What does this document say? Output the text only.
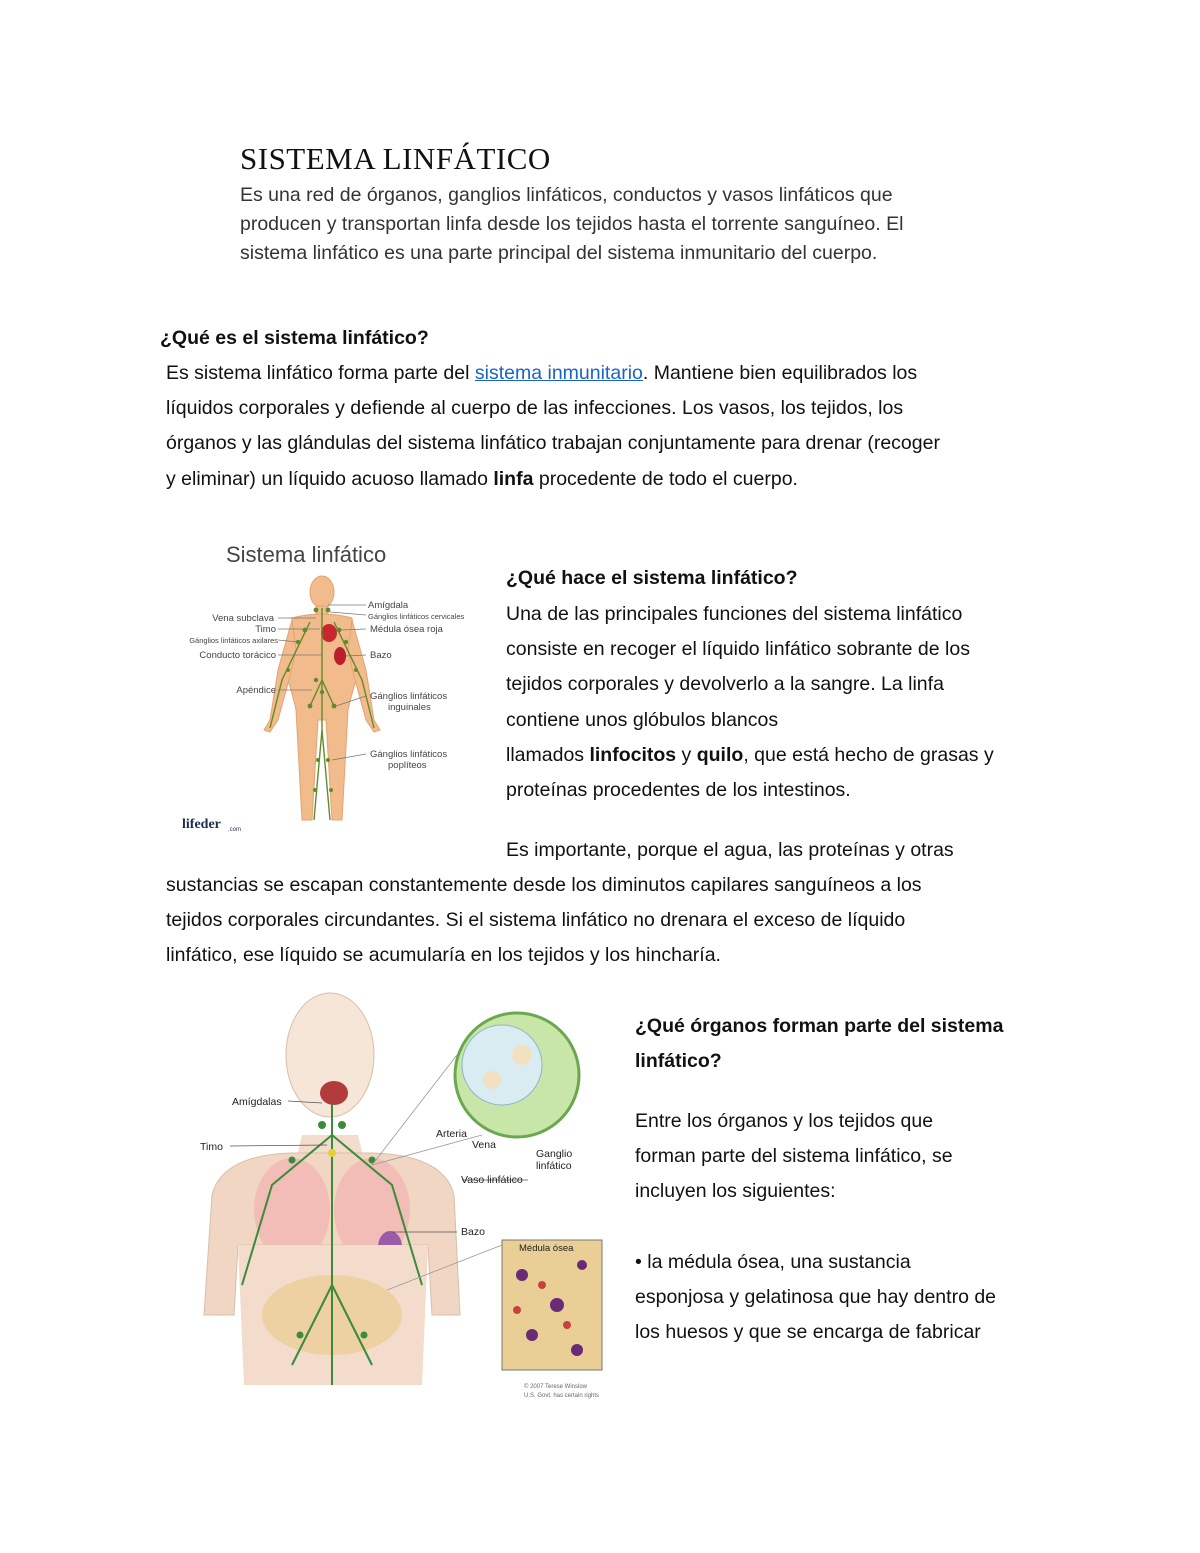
SISTEMA LINFÁTICO
Es una red de órganos, ganglios linfáticos, conductos y vasos linfáticos que
producen y transportan linfa desde los tejidos hasta el torrente sanguíneo. El
sistema linfático es una parte principal del sistema inmunitario del cuerpo.
¿Qué es el sistema linfático?
Es sistema linfático forma parte del sistema inmunitario. Mantiene bien equilibrados los
líquidos corporales y defiende al cuerpo de las infecciones. Los vasos, los tejidos, los
órganos y las glándulas del sistema linfático trabajan conjuntamente para drenar (recoger
y eliminar) un líquido acuoso llamado linfa procedente de todo el cuerpo.
Sistema linfático
Vena subclava
Timo
Gánglios linfáticos axilares
Conducto torácico
Apéndice
Amígdala
Gánglios linfáticos cervicales
Médula ósea roja
Bazo
Gánglios linfáticos
inguinales
Gánglios linfáticos
poplíteos
lifeder .com
¿Qué hace el sistema linfático?
Una de las principales funciones del sistema linfático
consiste en recoger el líquido linfático sobrante de los
tejidos corporales y devolverlo a la sangre. La linfa
contiene unos glóbulos blancos
llamados linfocitos y quilo, que está hecho de grasas y
proteínas procedentes de los intestinos.
Es importante, porque el agua, las proteínas y otras
sustancias se escapan constantemente desde los diminutos capilares sanguíneos a los
tejidos corporales circundantes. Si el sistema linfático no drenara el exceso de líquido
linfático, ese líquido se acumularía en los tejidos y los hincharía.
Amígdalas
Timo
Arteria
Vena
Ganglio
linfático
Vaso linfático
Bazo
Médula ósea
© 2007 Terese Winslow
U.S. Govt. has certain rights
¿Qué órganos forman parte del sistema
linfático?
Entre los órganos y los tejidos que
forman parte del sistema linfático, se
incluyen los siguientes:
• la médula ósea, una sustancia
esponjosa y gelatinosa que hay dentro de
los huesos y que se encarga de fabricar
